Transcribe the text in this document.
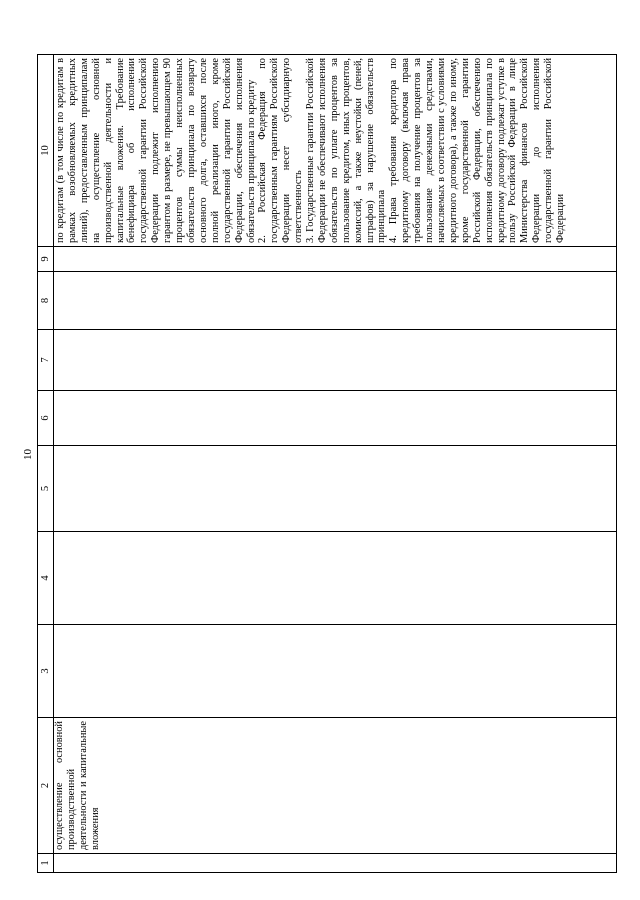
10
1	2	3	4	5	6	7	8	9	10
	осуществление основной производственной деятельности и капитальные вложения								по кредитам (в том числе по кредитам в рамках возобновляемых кредитных линий), предоставленным принципалам на осуществление основной производственной деятельности и капитальные вложения. Требование бенефициара об исполнении государственной гарантии Российской Федерации подлежит исполнению гарантом в размере, не превышающем 90 процентов суммы неисполненных обязательств принципала по возврату основного долга, оставшихся после полной реализации иного, кроме государственной гарантии Российской Федерации, обеспечения исполнения обязательств принципала по кредиту 2. Российская Федерация по государственным гарантиям Российской Федерации несет субсидиарную ответственность 3. Государственные гарантии Российской Федерации не обеспечивают исполнения обязательств по уплате процентов за пользование кредитом, иных процентов, комиссий, а также неустойки (пеней, штрафов) за нарушение обязательств принципала 4. Права требования кредитора по кредитному договору (включая права требования на получение процентов за пользование денежными средствами, начисляемых в соответствии с условиями кредитного договора), а также по иному, кроме государственной гарантии Российской Федерации, обеспечению исполнения обязательств принципала по кредитному договору подлежат уступке в пользу Российской Федерации в лице Министерства финансов Российской Федерации до исполнения государственной гарантии Российской Федерации
